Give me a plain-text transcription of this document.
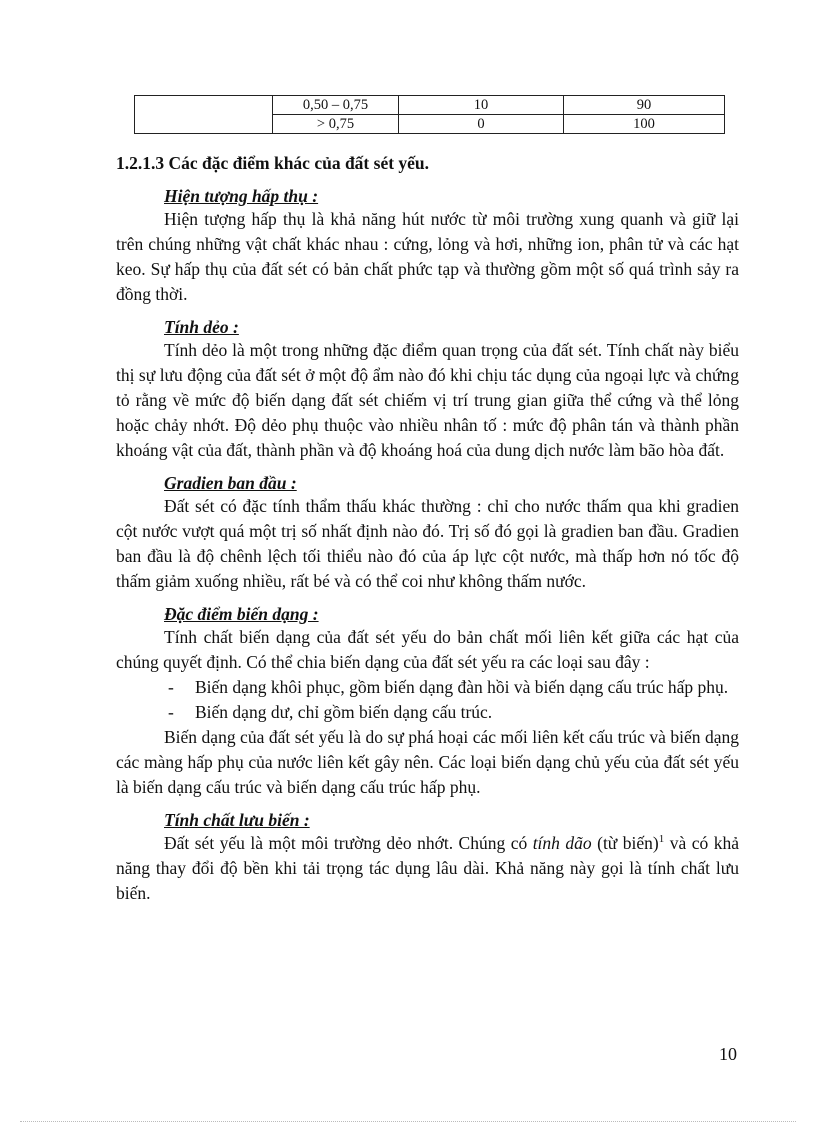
	0,50 – 0,75	10	90
	> 0,75	0	100
1.2.1.3 Các đặc điểm khác của đất sét yếu.
Hiện tượng hấp thụ :

Hiện tượng hấp thụ là khả năng hút nước từ môi trường xung quanh và giữ lại trên chúng những vật chất khác nhau : cứng, lỏng và hơi, những ion, phân tử và các hạt keo. Sự hấp thụ của đất sét có bản chất phức tạp và thường gồm một số quá trình sảy ra đồng thời.

Tính dẻo :

Tính dẻo là một trong những đặc điểm quan trọng của đất sét. Tính chất này biểu thị sự lưu động của đất sét ở một độ ẩm nào đó khi chịu tác dụng của ngoại lực và chứng tỏ rằng về mức độ biến dạng đất sét chiếm vị trí trung gian giữa thể cứng và thể lỏng hoặc chảy nhớt. Độ dẻo phụ thuộc vào nhiều nhân tố : mức độ phân tán và thành phần khoáng vật của đất, thành phần và độ khoáng hoá của dung dịch nước làm bão hòa đất.

Gradien ban đầu :

Đất sét có đặc tính thẩm thấu khác thường : chỉ cho nước thấm qua khi gradien cột nước vượt quá một trị số nhất định nào đó. Trị số đó gọi là gradien ban đầu. Gradien ban đầu là độ chênh lệch tối thiểu nào đó của áp lực cột nước, mà thấp hơn nó tốc độ thấm giảm xuống nhiều, rất bé và có thể coi như không thấm nước.

Đặc điểm biến dạng :

Tính chất biến dạng của đất sét yếu do bản chất mối liên kết giữa các hạt của chúng quyết định. Có thể chia biến dạng của đất sét yếu ra các loại sau đây :

- Biến dạng khôi phục, gồm biến dạng đàn hồi và biến dạng cấu trúc hấp phụ.
- Biến dạng dư, chỉ gồm biến dạng cấu trúc.

Biến dạng của đất sét yếu là do sự phá hoại các mối liên kết cấu trúc và biến dạng các màng hấp phụ của nước liên kết gây nên. Các loại biến dạng chủ yếu của đất sét yếu là biến dạng cấu trúc và biến dạng cấu trúc hấp phụ.

Tính chất lưu biến :

Đất sét yếu là một môi trường dẻo nhớt. Chúng có tính dão (từ biến)$^1$ và có khả năng thay đổi độ bền khi tải trọng tác dụng lâu dài. Khả năng này gọi là tính chất lưu biến.

10
